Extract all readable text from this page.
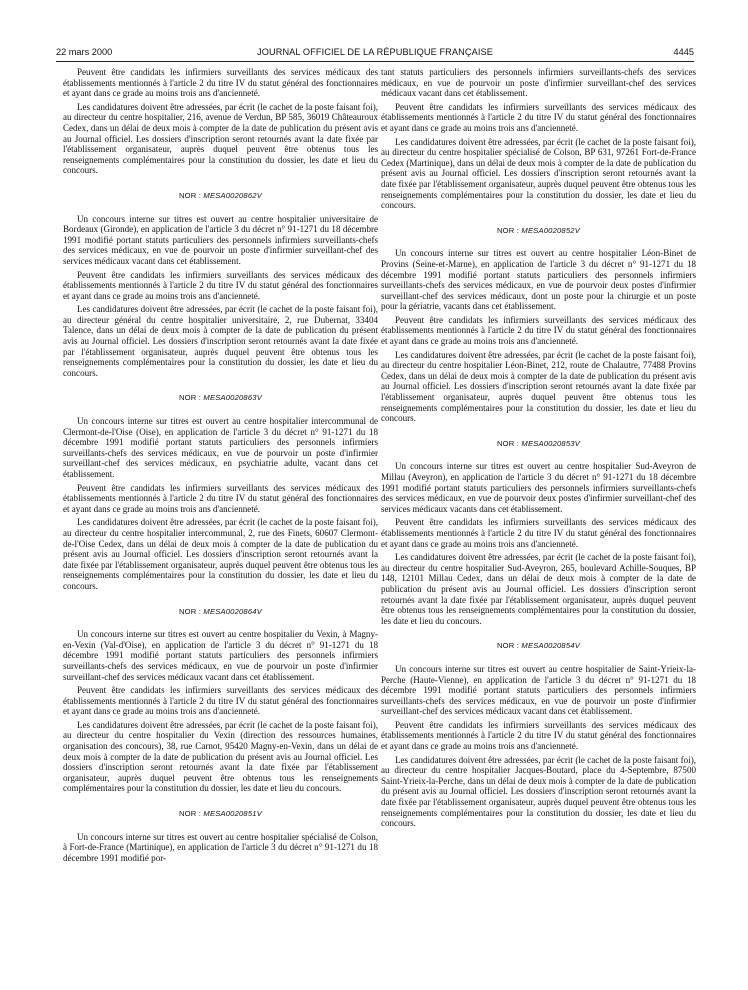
22 mars 2000	JOURNAL OFFICIEL DE LA RÉPUBLIQUE FRANÇAISE	4445

Peuvent être candidats les infirmiers surveillants des services médicaux des établissements mentionnés à l'article 2 du titre IV du statut général des fonctionnaires et ayant dans ce grade au moins trois ans d'ancienneté.

Les candidatures doivent être adressées, par écrit (le cachet de la poste faisant foi), au directeur du centre hospitalier, 216, avenue de Verdun, BP 585, 36019 Châteauroux Cedex, dans un délai de deux mois à compter de la date de publication du présent avis au Journal officiel. Les dossiers d'inscription seront retournés avant la date fixée par l'établissement organisateur, auprès duquel peuvent être obtenus tous les renseignements complémentaires pour la constitution du dossier, les date et lieu du concours.

NOR : MESA0020862V

Un concours interne sur titres est ouvert au centre hospitalier universitaire de Bordeaux (Gironde), en application de l'article 3 du décret n° 91-1271 du 18 décembre 1991 modifié portant statuts particuliers des personnels infirmiers surveillants-chefs des services médicaux, en vue de pourvoir un poste d'infirmier surveillant-chef des services médicaux vacant dans cet établissement.

Peuvent être candidats les infirmiers surveillants des services médicaux des établissements mentionnés à l'article 2 du titre IV du statut général des fonctionnaires et ayant dans ce grade au moins trois ans d'ancienneté.

Les candidatures doivent être adressées, par écrit (le cachet de la poste faisant foi), au directeur général du centre hospitalier universitaire, 2, rue Dubernat, 33404 Talence, dans un délai de deux mois à compter de la date de publication du présent avis au Journal officiel. Les dossiers d'inscription seront retournés avant la date fixée par l'établissement organisateur, auprès duquel peuvent être obtenus tous les renseignements complémentaires pour la constitution du dossier, les date et lieu du concours.

NOR : MESA0020863V

Un concours interne sur titres est ouvert au centre hospitalier intercommunal de Clermont-de-l'Oise (Oise), en application de l'article 3 du décret n° 91-1271 du 18 décembre 1991 modifié portant statuts particuliers des personnels infirmiers surveillants-chefs des services médicaux, en vue de pourvoir un poste d'infirmier surveillant-chef des services médicaux, en psychiatrie adulte, vacant dans cet établissement.

Peuvent être candidats les infirmiers surveillants des services médicaux des établissements mentionnés à l'article 2 du titre IV du statut général des fonctionnaires et ayant dans ce grade au moins trois ans d'ancienneté.

Les candidatures doivent être adressées, par écrit (le cachet de la poste faisant foi), au directeur du centre hospitalier intercommunal, 2, rue des Finets, 60607 Clermont-de-l'Oise Cedex, dans un délai de deux mois à compter de la date de publication du présent avis au Journal officiel. Les dossiers d'inscription seront retournés avant la date fixée par l'établissement organisateur, auprès duquel peuvent être obtenus tous les renseignements complémentaires pour la constitution du dossier, les date et lieu du concours.

NOR : MESA0020864V

Un concours interne sur titres est ouvert au centre hospitalier du Vexin, à Magny-en-Vexin (Val-d'Oise), en application de l'article 3 du décret n° 91-1271 du 18 décembre 1991 modifié portant statuts particuliers des personnels infirmiers surveillants-chefs des services médicaux, en vue de pourvoir un poste d'infirmier surveillant-chef des services médicaux vacant dans cet établissement.

Peuvent être candidats les infirmiers surveillants des services médicaux des établissements mentionnés à l'article 2 du titre IV du statut général des fonctionnaires et ayant dans ce grade au moins trois ans d'ancienneté.

Les candidatures doivent être adressées, par écrit (le cachet de la poste faisant foi), au directeur du centre hospitalier du Vexin (direction des ressources humaines, organisation des concours), 38, rue Carnot, 95420 Magny-en-Vexin, dans un délai de deux mois à compter de la date de publication du présent avis au Journal officiel. Les dossiers d'inscription seront retournés avant la date fixée par l'établissement organisateur, auprès duquel peuvent être obtenus tous les renseignements complémentaires pour la constitution du dossier, les date et lieu du concours.

NOR : MESA0020851V

Un concours interne sur titres est ouvert au centre hospitalier spécialisé de Colson, à Fort-de-France (Martinique), en application de l'article 3 du décret n° 91-1271 du 18 décembre 1991 modifié por-

tant statuts particuliers des personnels infirmiers surveillants-chefs des services médicaux, en vue de pourvoir un poste d'infirmier surveillant-chef des services médicaux vacant dans cet établissement.

Peuvent être candidats les infirmiers surveillants des services médicaux des établissements mentionnés à l'article 2 du titre IV du statut général des fonctionnaires et ayant dans ce grade au moins trois ans d'ancienneté.

Les candidatures doivent être adressées, par écrit (le cachet de la poste faisant foi), au directeur du centre hospitalier spécialisé de Colson, BP 631, 97261 Fort-de-France Cedex (Martinique), dans un délai de deux mois à compter de la date de publication du présent avis au Journal officiel. Les dossiers d'inscription seront retournés avant la date fixée par l'établissement organisateur, auprès duquel peuvent être obtenus tous les renseignements complémentaires pour la constitution du dossier, les date et lieu du concours.

NOR : MESA0020852V

Un concours interne sur titres est ouvert au centre hospitalier Léon-Binet de Provins (Seine-et-Marne), en application de l'article 3 du décret n° 91-1271 du 18 décembre 1991 modifié portant statuts particuliers des personnels infirmiers surveillants-chefs des services médicaux, en vue de pourvoir deux postes d'infirmier surveillant-chef des services médicaux, dont un poste pour la chirurgie et un poste pour la gériatrie, vacants dans cet établissement.

Peuvent être candidats les infirmiers surveillants des services médicaux des établissements mentionnés à l'article 2 du titre IV du statut général des fonctionnaires et ayant dans ce grade au moins trois ans d'ancienneté.

Les candidatures doivent être adressées, par écrit (le cachet de la poste faisant foi), au directeur du centre hospitalier Léon-Binet, 212, route de Chalautre, 77488 Provins Cedex, dans un délai de deux mois à compter de la date de publication du présent avis au Journal officiel. Les dossiers d'inscription seront retournés avant la date fixée par l'établissement organisateur, auprès duquel peuvent être obtenus tous les renseignements complémentaires pour la constitution du dossier, les date et lieu du concours.

NOR : MESA0020853V

Un concours interne sur titres est ouvert au centre hospitalier Sud-Aveyron de Millau (Aveyron), en application de l'article 3 du décret n° 91-1271 du 18 décembre 1991 modifié portant statuts particuliers des personnels infirmiers surveillants-chefs des services médicaux, en vue de pourvoir deux postes d'infirmier surveillant-chef des services médicaux vacants dans cet établissement.

Peuvent être candidats les infirmiers surveillants des services médicaux des établissements mentionnés à l'article 2 du titre IV du statut général des fonctionnaires et ayant dans ce grade au moins trois ans d'ancienneté.

Les candidatures doivent être adressées, par écrit (le cachet de la poste faisant foi), au directeur du centre hospitalier Sud-Aveyron, 265, boulevard Achille-Souques, BP 148, 12101 Millau Cedex, dans un délai de deux mois à compter de la date de publication du présent avis au Journal officiel. Les dossiers d'inscription seront retournés avant la date fixée par l'établissement organisateur, auprès duquel peuvent être obtenus tous les renseignements complémentaires pour la constitution du dossier, les date et lieu du concours.

NOR : MESA0020854V

Un concours interne sur titres est ouvert au centre hospitalier de Saint-Yrieix-la-Perche (Haute-Vienne), en application de l'article 3 du décret n° 91-1271 du 18 décembre 1991 modifié portant statuts particuliers des personnels infirmiers surveillants-chefs des services médicaux, en vue de pourvoir un poste d'infirmier surveillant-chef des services médicaux vacant dans cet établissement.

Peuvent être candidats les infirmiers surveillants des services médicaux des établissements mentionnés à l'article 2 du titre IV du statut général des fonctionnaires et ayant dans ce grade au moins trois ans d'ancienneté.

Les candidatures doivent être adressées, par écrit (le cachet de la poste faisant foi), au directeur du centre hospitalier Jacques-Boutard, place du 4-Septembre, 87500 Saint-Yrieix-la-Perche, dans un délai de deux mois à compter de la date de publication du présent avis au Journal officiel. Les dossiers d'inscription seront retournés avant la date fixée par l'établissement organisateur, auprès duquel peuvent être obtenus tous les renseignements complémentaires pour la constitution du dossier, les date et lieu du concours.
